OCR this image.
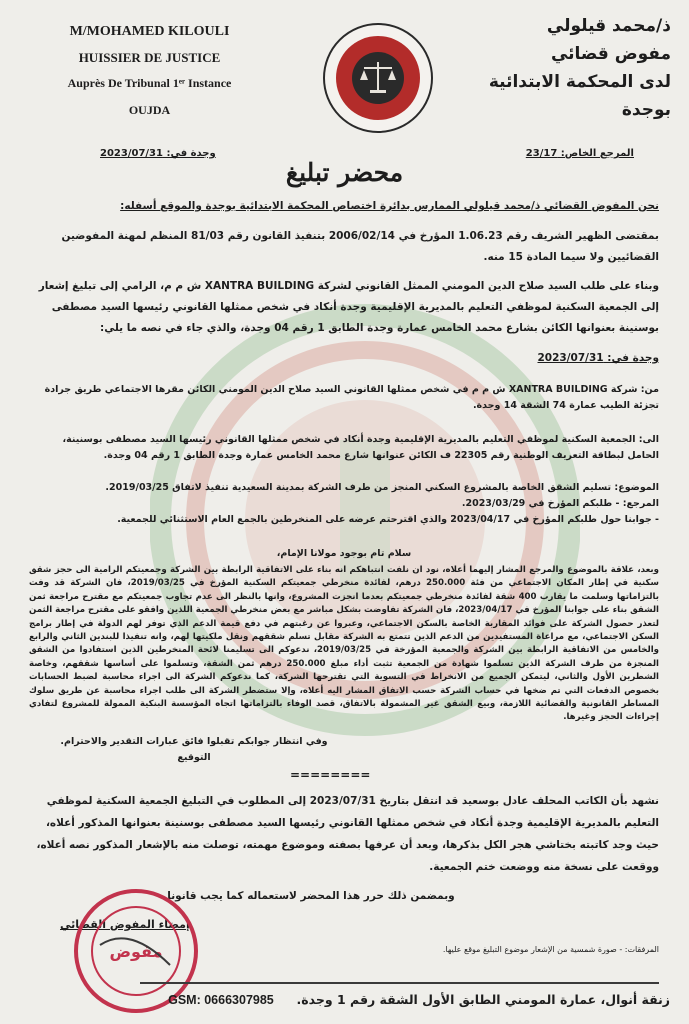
M/MOHAMED KILOULI
HUISSIER DE JUSTICE
Auprès De Tribunal 1ᵉʳ Instance
OUJDA
ذ/محمد قيلولي
مفوض قضائي
لدى المحكمة الابتدائية
بوجدة
وجدة في: 2023/07/31	المرجع الخاص: 23/17
محضر تبليغ
نحن المفوض القضائي ذ/محمد قيلولي الممارس بدائرة اختصاص المحكمة الابتدائية بوجدة والموقع أسفله:
بمقتضى الظهير الشريف رقم 1.06.23 المؤرخ في 2006/02/14 بتنفيذ القانون رقم 81/03 المنظم لمهنة المفوضين القضائيين ولا سيما المادة 15 منه.
وبناء على طلب السيد صلاح الدين المومني الممثل القانوني لشركة XANTRA BUILDING ش م م، الرامي إلى تبليغ إشعار إلى الجمعية السكنية لموظفي التعليم بالمديرية الإقليمية وجدة أنكاد في شخص ممثلها القانوني رئيسها السيد مصطفى بوسنينة بعنوانها الكائن بشارع محمد الخامس عمارة وجدة الطابق 1 رقم 04 وجدة، والذي جاء في نصه ما يلي:
وجدة في: 2023/07/31
من: شركة XANTRA BUILDING ش م م في شخص ممثلها القانوني السيد صلاح الدين المومني الكائن مقرها الاجتماعي طريق جرادة تجزئة الطيب عمارة 74 الشقة 14 وجدة.
الى: الجمعية السكنية لموظفي التعليم بالمديرية الإقليمية وجدة أنكاد في شخص ممثلها القانوني رئيسها السيد مصطفى بوسنينة، الحامل لبطاقة التعريف الوطنية رقم 22305 ف الكائن عنوانها شارع محمد الخامس عمارة وجدة الطابق 1 رقم 04 وجدة.
الموضوع: تسليم الشقق الخاصة بالمشروع السكني المنجز من طرف الشركة بمدينة السعيدية تنفيذ لاتفاق 2019/03/25.
المرجع: - طلبكم المؤرخ في 2023/03/29.
- جوابنا حول طلبكم المؤرخ في 2023/04/17 والذي اقترحتم عرضه على المنخرطين بالجمع العام الاستثنائي للجمعية.
سلام تام بوجود مولانا الإمام،
وبعد، علاقة بالموضوع والمرجع المشار إليهما أعلاه، نود ان نلفت انتباهكم انه بناء على الاتفاقية الرابطة بين الشركة وجمعيتكم الرامية الى حجز شقق سكنية في إطار المكان الاجتماعي من فئة 250.000 درهم، لفائدة منخرطي جمعيتكم السكنية المؤرخ في 2019/03/25، فان الشركة قد وفت بالتزاماتها وسلمت ما يقارب 400 شقة لفائدة منخرطي جمعيتكم بعدما انجزت المشروع، وانها بالنظر الى عدم تجاوب جمعيتكم مع مقترح مراجعة ثمن الشقق بناء على جوابنا المؤرخ في 2023/04/17، فان الشركة تفاوضت بشكل مباشر مع بعض منخرطي الجمعية اللذين وافقو على مقترح مراجعة الثمن لتعذر حصول الشركة على فوائد المقاربة الخاصة بالسكن الاجتماعي، وعبروا عن رغبتهم في دفع قيمة الدعم الذي توفر لهم الدولة في إطار برامج السكن الاجتماعي، مع مراعاة المستفيدين من الدعم الذين تتمتع به الشركة مقابل تسلم شققهم ونقل ملكيتها لهم، وانه تنفيذا للبندين الثاني والرابع والخامس من الاتفاقية الرابطة بين الشركة والجمعية المؤرخة في 2019/03/25، ندعوكم الى تسليمنا لائحة المنخرطين الذين استفادوا من الشقق المنجزة من طرف الشركة الذين تسلموا شهادة من الجمعية تثبت أداء مبلغ 250.000 درهم ثمن الشقة، وتسلموا على أساسها شققهم، وخاصة الشطرين الأول والثاني، ليتمكن الجميع من الانخراط في التسوية التي تقترحها الشركة، كما ندعوكم الشركة الى اجراء محاسبة لضبط الحسابات بخصوص الدفعات التي تم ضخها في حساب الشركة حسب الاتفاق المشار اليه أعلاه، وإلا ستضطر الشركة الى طلب اجراء محاسبة عن طريق سلوك المساطر القانونية والقضائية اللازمة، وبيع الشقق غير المشمولة بالاتفاق، قصد الوفاء بالتزاماتها اتجاه المؤسسة البنكية الممولة للمشروع لتفادي إجراءات الحجز وغيرها.
وفي انتظار جوابكم تقبلوا فائق عبارات التقدير والاحترام.
التوقيع
========
نشهد بأن الكاتب المحلف عادل بوسعيد قد انتقل بتاريخ 2023/07/31 إلى المطلوب في التبليغ الجمعية السكنية لموظفي التعليم بالمديرية الإقليمية وجدة أنكاد في شخص ممثلها القانوني رئيسها السيد مصطفى بوسنينة بعنوانها المذكور أعلاه، حيث وجد كاتبته بختاشي هجر الكل بذكرها، وبعد أن عرفها بصفته وموضوع مهمته، توصلت منه بالإشعار المذكور نصه أعلاه، ووقعت على نسخة منه ووضعت ختم الجمعية.
وبمضمن ذلك حرر هذا المحضر لاستعماله كما يجب قانونا.
إمضاء المفوض القضائي
المرفقات: - صورة شمسية من الإشعار موضوع التبليغ موقع عليها.
مفوض
زنقة أنوال، عمارة المومني الطابق الأول الشقة رقم 1 وجدة.  GSM: 0666307985
